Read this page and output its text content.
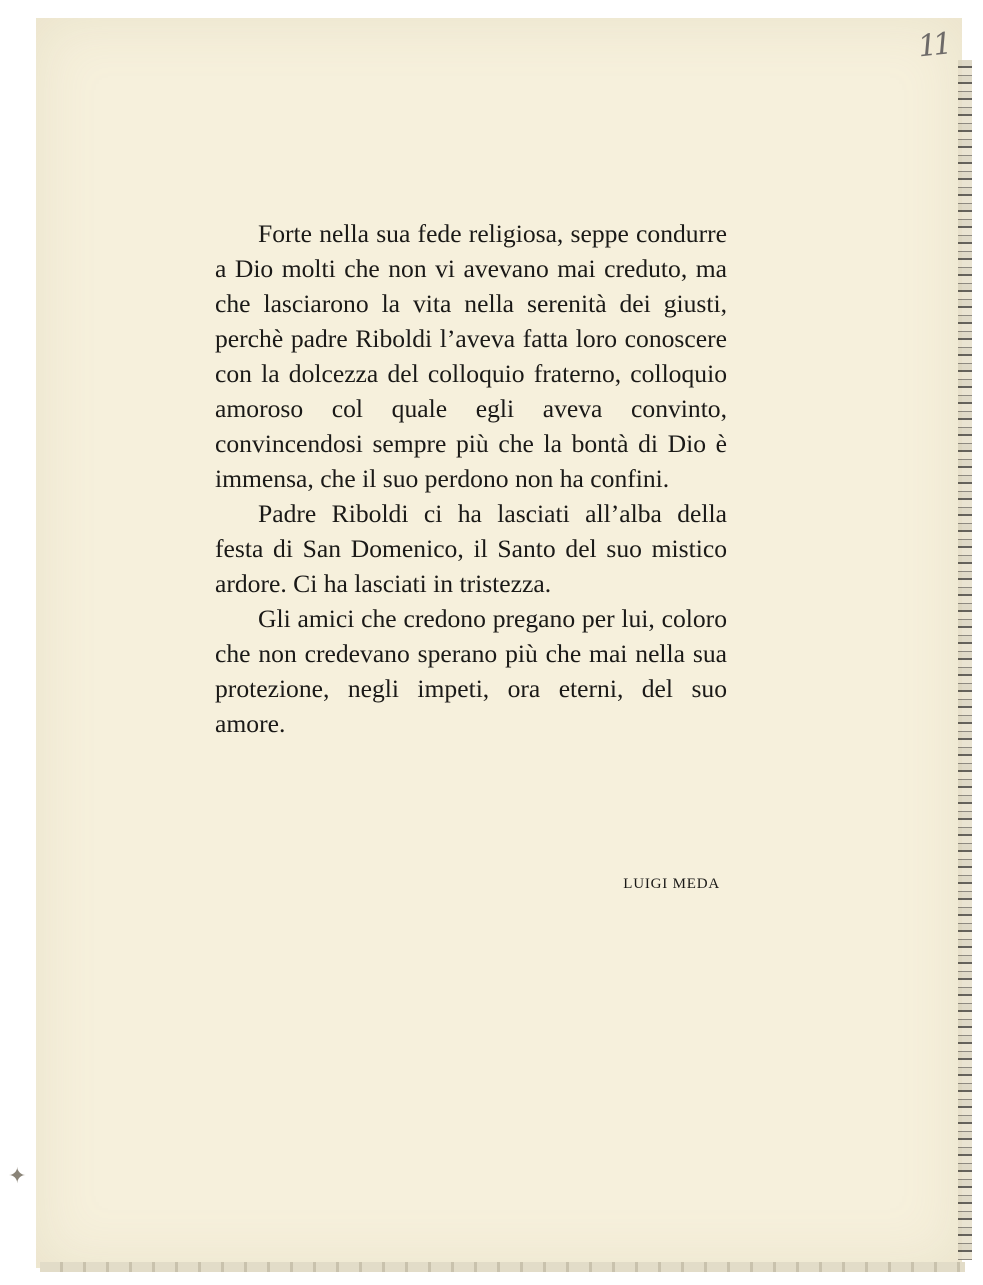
✦
11

Forte nella sua fede religiosa, seppe condurre a Dio molti che non vi avevano mai creduto, ma che lasciarono la vita nella serenità dei giusti, perchè padre Riboldi l’aveva fatta loro conoscere con la dolcezza del colloquio fraterno, colloquio amoroso col quale egli aveva convinto, convincendosi sempre più che la bontà di Dio è immensa, che il suo perdono non ha confini.

Padre Riboldi ci ha lasciati all’alba della festa di San Domenico, il Santo del suo mistico ardore. Ci ha lasciati in tristezza.

Gli amici che credono pregano per lui, coloro che non credevano sperano più che mai nella sua protezione, negli impeti, ora eterni, del suo amore.

LUIGI MEDA
